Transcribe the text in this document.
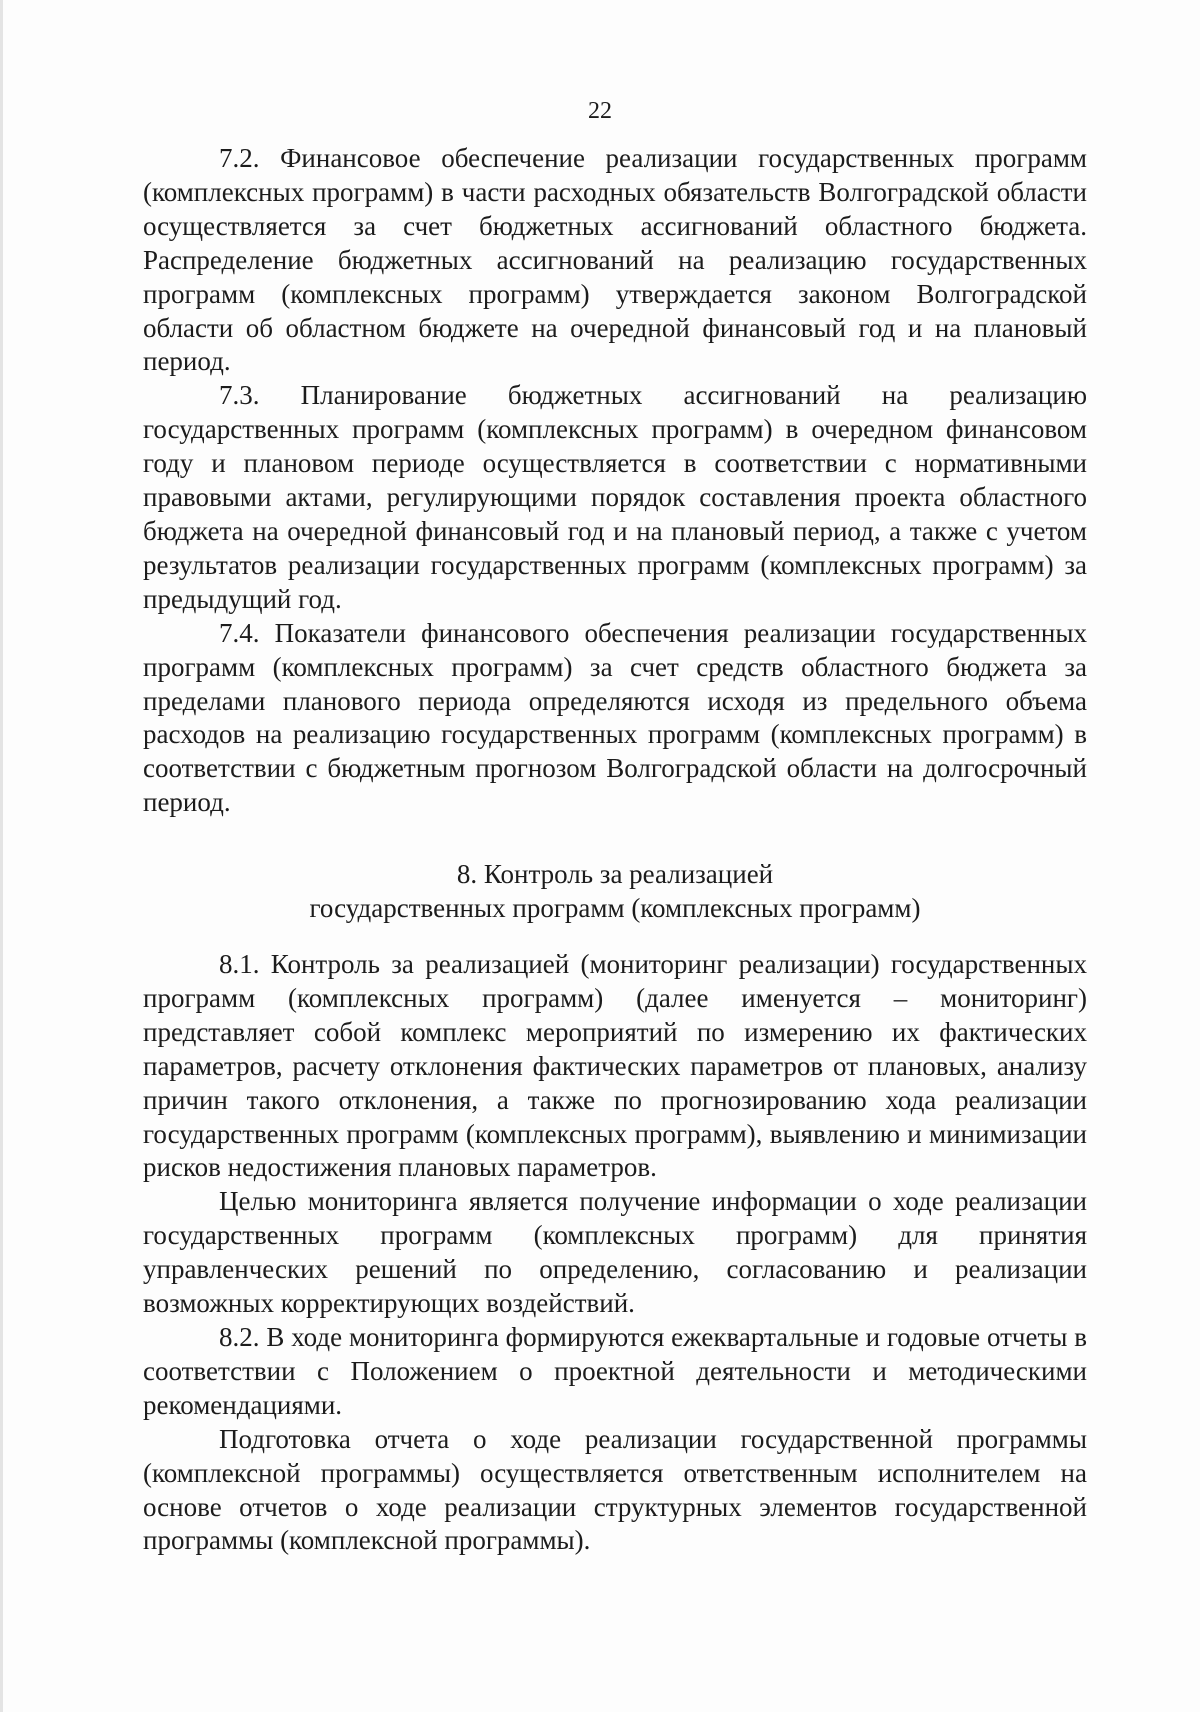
22

7.2. Финансовое обеспечение реализации государственных программ (комплексных программ) в части расходных обязательств Волгоградской области осуществляется за счет бюджетных ассигнований областного бюджета. Распределение бюджетных ассигнований на реализацию государственных программ (комплексных программ) утверждается законом Волгоградской области об областном бюджете на очередной финансовый год и на плановый период.

7.3. Планирование бюджетных ассигнований на реализацию государственных программ (комплексных программ) в очередном финансовом году и плановом периоде осуществляется в соответствии с нормативными правовыми актами, регулирующими порядок составления проекта областного бюджета на очередной финансовый год и на плановый период, а также с учетом результатов реализации государственных программ (комплексных программ) за предыдущий год.

7.4. Показатели финансового обеспечения реализации государственных программ (комплексных программ) за счет средств областного бюджета за пределами планового периода определяются исходя из предельного объема расходов на реализацию государственных программ (комплексных программ) в соответствии с бюджетным прогнозом Волгоградской области на долгосрочный период.

8. Контроль за реализацией
государственных программ (комплексных программ)

8.1. Контроль за реализацией (мониторинг реализации) государственных программ (комплексных программ) (далее именуется – мониторинг) представляет собой комплекс мероприятий по измерению их фактических параметров, расчету отклонения фактических параметров от плановых, анализу причин такого отклонения, а также по прогнозированию хода реализации государственных программ (комплексных программ), выявлению и минимизации рисков недостижения плановых параметров.

Целью мониторинга является получение информации о ходе реализации государственных программ (комплексных программ) для принятия управленческих решений по определению, согласованию и реализации возможных корректирующих воздействий.

8.2. В ходе мониторинга формируются ежеквартальные и годовые отчеты в соответствии с Положением о проектной деятельности и методическими рекомендациями.

Подготовка отчета о ходе реализации государственной программы (комплексной программы) осуществляется ответственным исполнителем на основе отчетов о ходе реализации структурных элементов государственной программы (комплексной программы).
